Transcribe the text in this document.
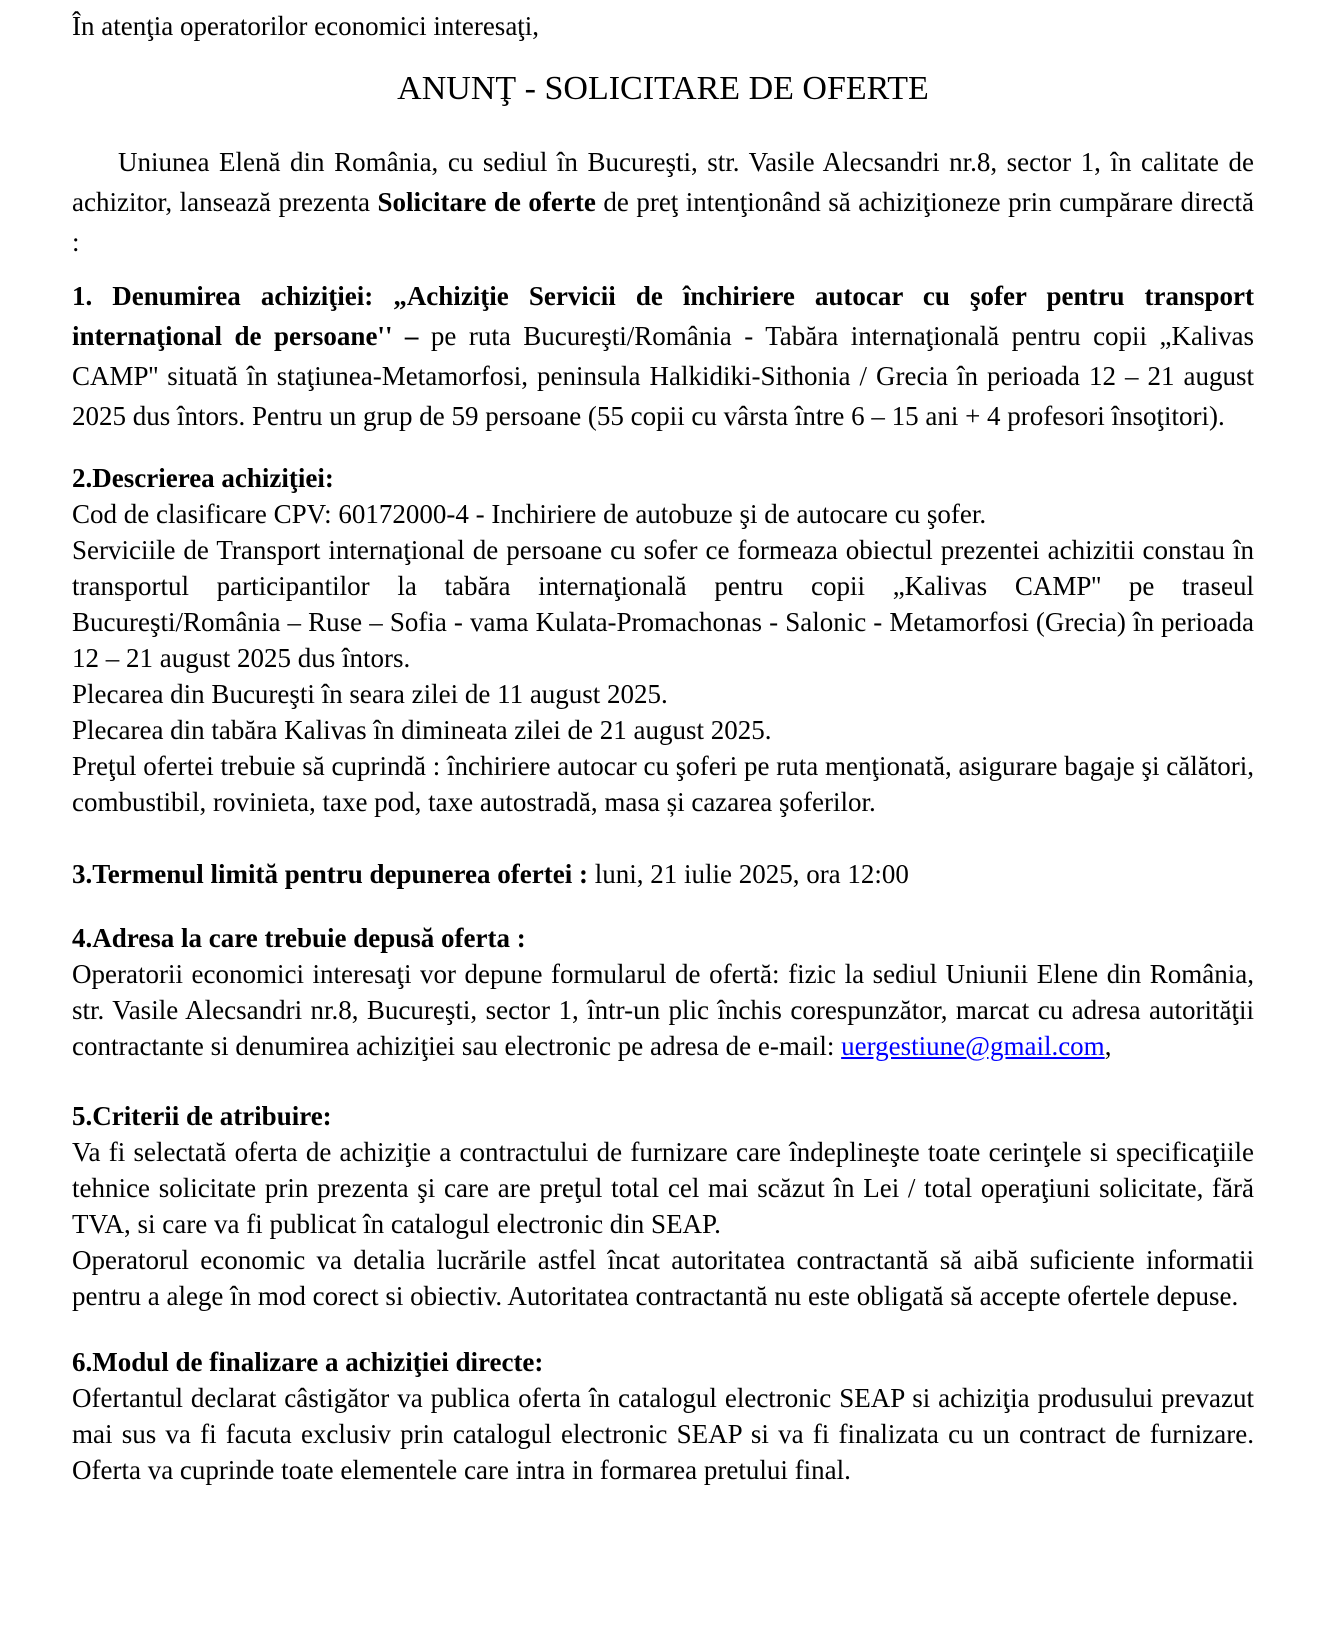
În atenţia operatorilor economici interesaţi,

ANUNŢ - SOLICITARE DE OFERTE

Uniunea Elenă din România, cu sediul în Bucureşti, str. Vasile Alecsandri nr.8, sector 1, în calitate de achizitor, lansează prezenta Solicitare de oferte de preţ intenţionând să achiziţioneze prin cumpărare directă :

1. Denumirea achiziţiei: „Achiziţie Servicii de închiriere autocar cu şofer pentru transport internaţional de persoane'' – pe ruta Bucureşti/România - Tabăra internaţională pentru copii „Kalivas CAMP'' situată în staţiunea-Metamorfosi, peninsula Halkidiki-Sithonia / Grecia în perioada 12 – 21 august 2025 dus întors. Pentru un grup de 59 persoane (55 copii cu vârsta între 6 – 15 ani + 4 profesori însoţitori).

2.Descrierea achiziţiei:

Cod de clasificare CPV: 60172000-4 - Inchiriere de autobuze şi de autocare cu şofer.

Serviciile de Transport internaţional de persoane cu sofer ce formeaza obiectul prezentei achizitii constau în transportul participantilor la tabăra internaţională pentru copii „Kalivas CAMP'' pe traseul Bucureşti/România – Ruse – Sofia - vama Kulata-Promachonas - Salonic - Metamorfosi (Grecia) în perioada 12 – 21 august 2025 dus întors.

Plecarea din Bucureşti în seara zilei de 11 august 2025.

Plecarea din tabăra Kalivas în dimineata zilei de 21 august 2025.

Preţul ofertei trebuie să cuprindă : închiriere autocar cu şoferi pe ruta menţionată, asigurare bagaje şi călători, combustibil, rovinieta, taxe pod, taxe autostradă, masa și cazarea şoferilor.

3.Termenul limită pentru depunerea ofertei : luni, 21 iulie 2025, ora 12:00

4.Adresa la care trebuie depusă oferta :

Operatorii economici interesaţi vor depune formularul de ofertă: fizic la sediul Uniunii Elene din România, str. Vasile Alecsandri nr.8, Bucureşti, sector 1, într-un plic închis corespunzător, marcat cu adresa autorităţii contractante si denumirea achiziţiei sau electronic pe adresa de e-mail: uergestiune@gmail.com,

5.Criterii de atribuire:

Va fi selectată oferta de achiziţie a contractului de furnizare care îndeplineşte toate cerinţele si specificaţiile tehnice solicitate prin prezenta şi care are preţul total cel mai scăzut în Lei / total operaţiuni solicitate, fără TVA, si care va fi publicat în catalogul electronic din SEAP.

Operatorul economic va detalia lucrările astfel încat autoritatea contractantă să aibă suficiente informatii pentru a alege în mod corect si obiectiv. Autoritatea contractantă nu este obligată să accepte ofertele depuse.

6.Modul de finalizare a achiziţiei directe:

Ofertantul declarat câstigător va publica oferta în catalogul electronic SEAP si achiziţia produsului prevazut mai sus va fi facuta exclusiv prin catalogul electronic SEAP si va fi finalizata cu un contract de furnizare. Oferta va cuprinde toate elementele care intra in formarea pretului final.
